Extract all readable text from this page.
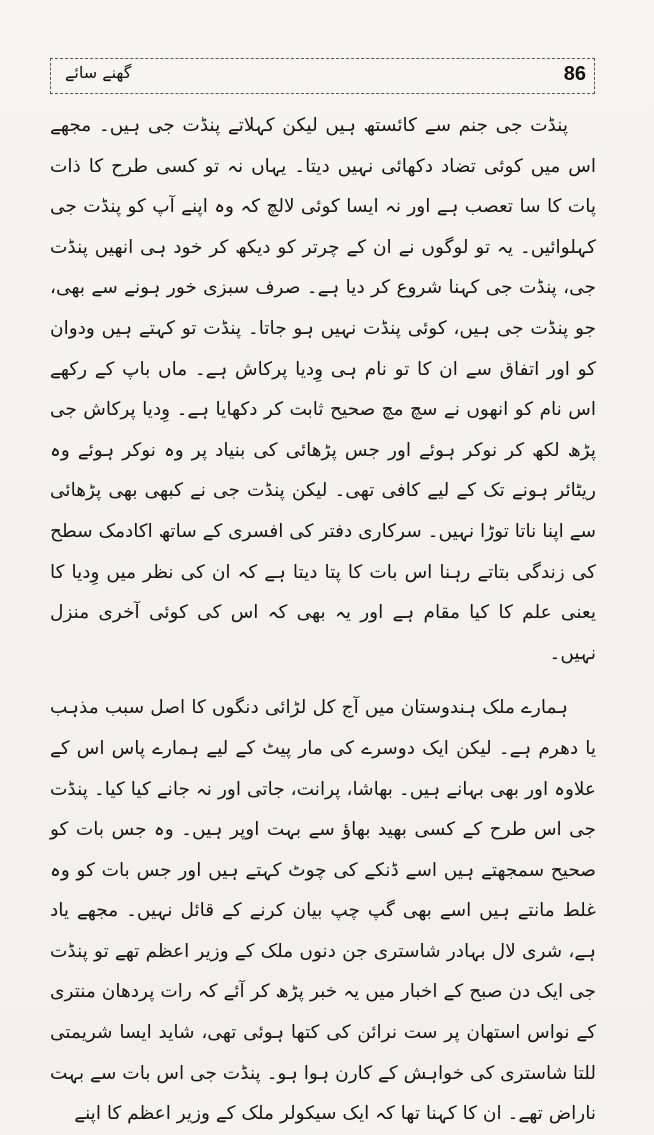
گھنے سائے	86

پنڈت جی جنم سے کائستھ ہیں لیکن کہلاتے پنڈت جی ہیں۔ مجھے اس میں کوئی تضاد دکھائی نہیں دیتا۔ یہاں نہ تو کسی طرح کا ذات پات کا سا تعصب ہے اور نہ ایسا کوئی لالچ کہ وہ اپنے آپ کو پنڈت جی کہلوائیں۔ یہ تو لوگوں نے ان کے چرتر کو دیکھ کر خود ہی انھیں پنڈت جی، پنڈت جی کہنا شروع کر دیا ہے۔ صرف سبزی خور ہونے سے بھی، جو پنڈت جی ہیں، کوئی پنڈت نہیں ہو جاتا۔ پنڈت تو کہتے ہیں ودوان کو اور اتفاق سے ان کا تو نام ہی وِدیا پرکاش ہے۔ ماں باپ کے رکھے اس نام کو انھوں نے سچ مچ صحیح ثابت کر دکھایا ہے۔ وِدیا پرکاش جی پڑھ لکھ کر نوکر ہوئے اور جس پڑھائی کی بنیاد پر وہ نوکر ہوئے وہ ریٹائر ہونے تک کے لیے کافی تھی۔ لیکن پنڈت جی نے کبھی بھی پڑھائی سے اپنا ناتا توڑا نہیں۔ سرکاری دفتر کی افسری کے ساتھ اکادمک سطح کی زندگی بتاتے رہنا اس بات کا پتا دیتا ہے کہ ان کی نظر میں وِدیا کا یعنی علم کا کیا مقام ہے اور یہ بھی کہ اس کی کوئی آخری منزل نہیں۔

ہمارے ملک ہندوستان میں آج کل لڑائی دنگوں کا اصل سبب مذہب یا دھرم ہے۔ لیکن ایک دوسرے کی مار پیٹ کے لیے ہمارے پاس اس کے علاوہ اور بھی بہانے ہیں۔ بھاشا، پرانت، جاتی اور نہ جانے کیا کیا۔ پنڈت جی اس طرح کے کسی بھید بھاؤ سے بہت اوپر ہیں۔ وہ جس بات کو صحیح سمجھتے ہیں اسے ڈنکے کی چوٹ کہتے ہیں اور جس بات کو وہ غلط مانتے ہیں اسے بھی گپ چپ بیان کرنے کے قائل نہیں۔ مجھے یاد ہے، شری لال بہادر شاستری جن دنوں ملک کے وزیر اعظم تھے تو پنڈت جی ایک دن صبح کے اخبار میں یہ خبر پڑھ کر آئے کہ رات پردھان منتری کے نواس استھان پر ست نرائن کی کتھا ہوئی تھی، شاید ایسا شریمتی للتا شاستری کی خواہش کے کارن ہوا ہو۔ پنڈت جی اس بات سے بہت ناراض تھے۔ ان کا کہنا تھا کہ ایک سیکولر ملک کے وزیر اعظم کا اپنے
